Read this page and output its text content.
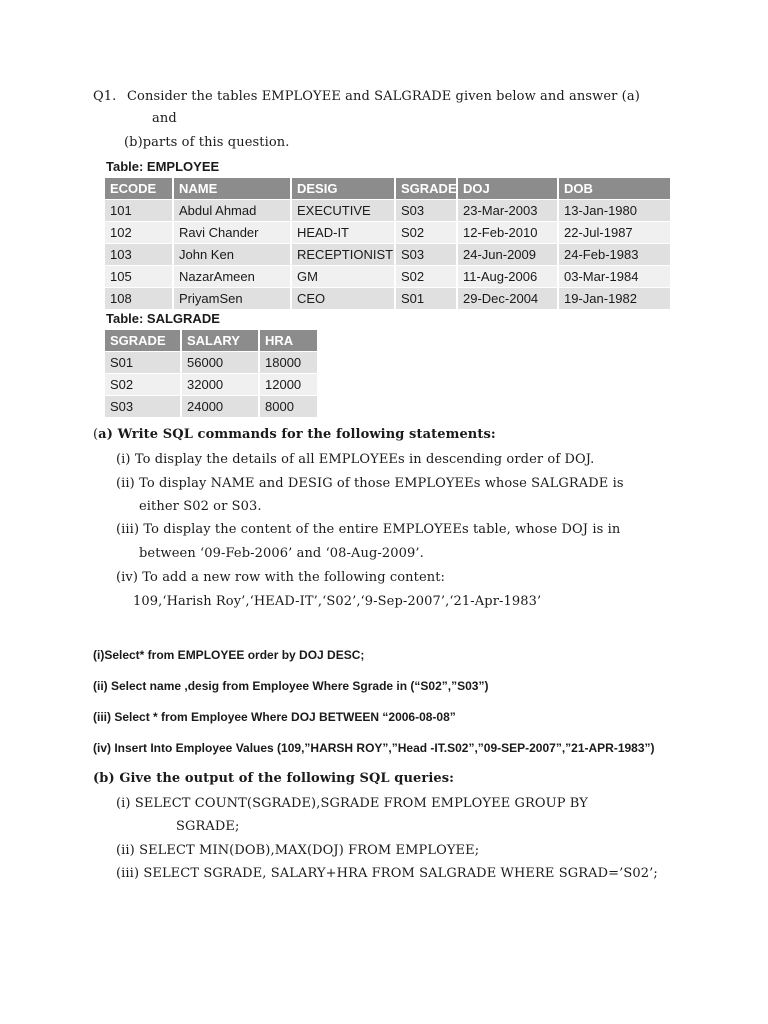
Q1. Consider the tables EMPLOYEE and SALGRADE given below and answer (a)
and
(b)parts of this question.
Table: EMPLOYEE
ECODE	NAME	DESIG	SGRADE	DOJ	DOB
101	Abdul Ahmad	EXECUTIVE	S03	23-Mar-2003	13-Jan-1980
102	Ravi Chander	HEAD-IT	S02	12-Feb-2010	22-Jul-1987
103	John Ken	RECEPTIONIST	S03	24-Jun-2009	24-Feb-1983
105	NazarAmeen	GM	S02	11-Aug-2006	03-Mar-1984
108	PriyamSen	CEO	S01	29-Dec-2004	19-Jan-1982
Table: SALGRADE
SGRADE	SALARY	HRA
S01	56000	18000
S02	32000	12000
S03	24000	8000
(a) Write SQL commands for the following statements:
(i) To display the details of all EMPLOYEEs in descending order of DOJ.
(ii) To display NAME and DESIG of those EMPLOYEEs whose SALGRADE is
either S02 or S03.
(iii) To display the content of the entire EMPLOYEEs table, whose DOJ is in
between ‘09-Feb-2006’ and ‘08-Aug-2009’.
(iv) To add a new row with the following content:
109,‘Harish Roy’,‘HEAD-IT’,‘S02’,‘9-Sep-2007’,‘21-Apr-1983’
(i)Select* from EMPLOYEE order by DOJ DESC;
(ii) Select name ,desig from Employee Where Sgrade in (“S02”,”S03”)
(iii) Select * from Employee Where DOJ BETWEEN “2006-08-08”
(iv) Insert Into Employee Values (109,”HARSH ROY”,”Head -IT.S02”,”09-SEP-2007”,”21-APR-1983”)
(b) Give the output of the following SQL queries:
(i) SELECT COUNT(SGRADE),SGRADE FROM EMPLOYEE GROUP BY
SGRADE;
(ii) SELECT MIN(DOB),MAX(DOJ) FROM EMPLOYEE;
(iii) SELECT SGRADE, SALARY+HRA FROM SALGRADE WHERE SGRAD=’S02’;
